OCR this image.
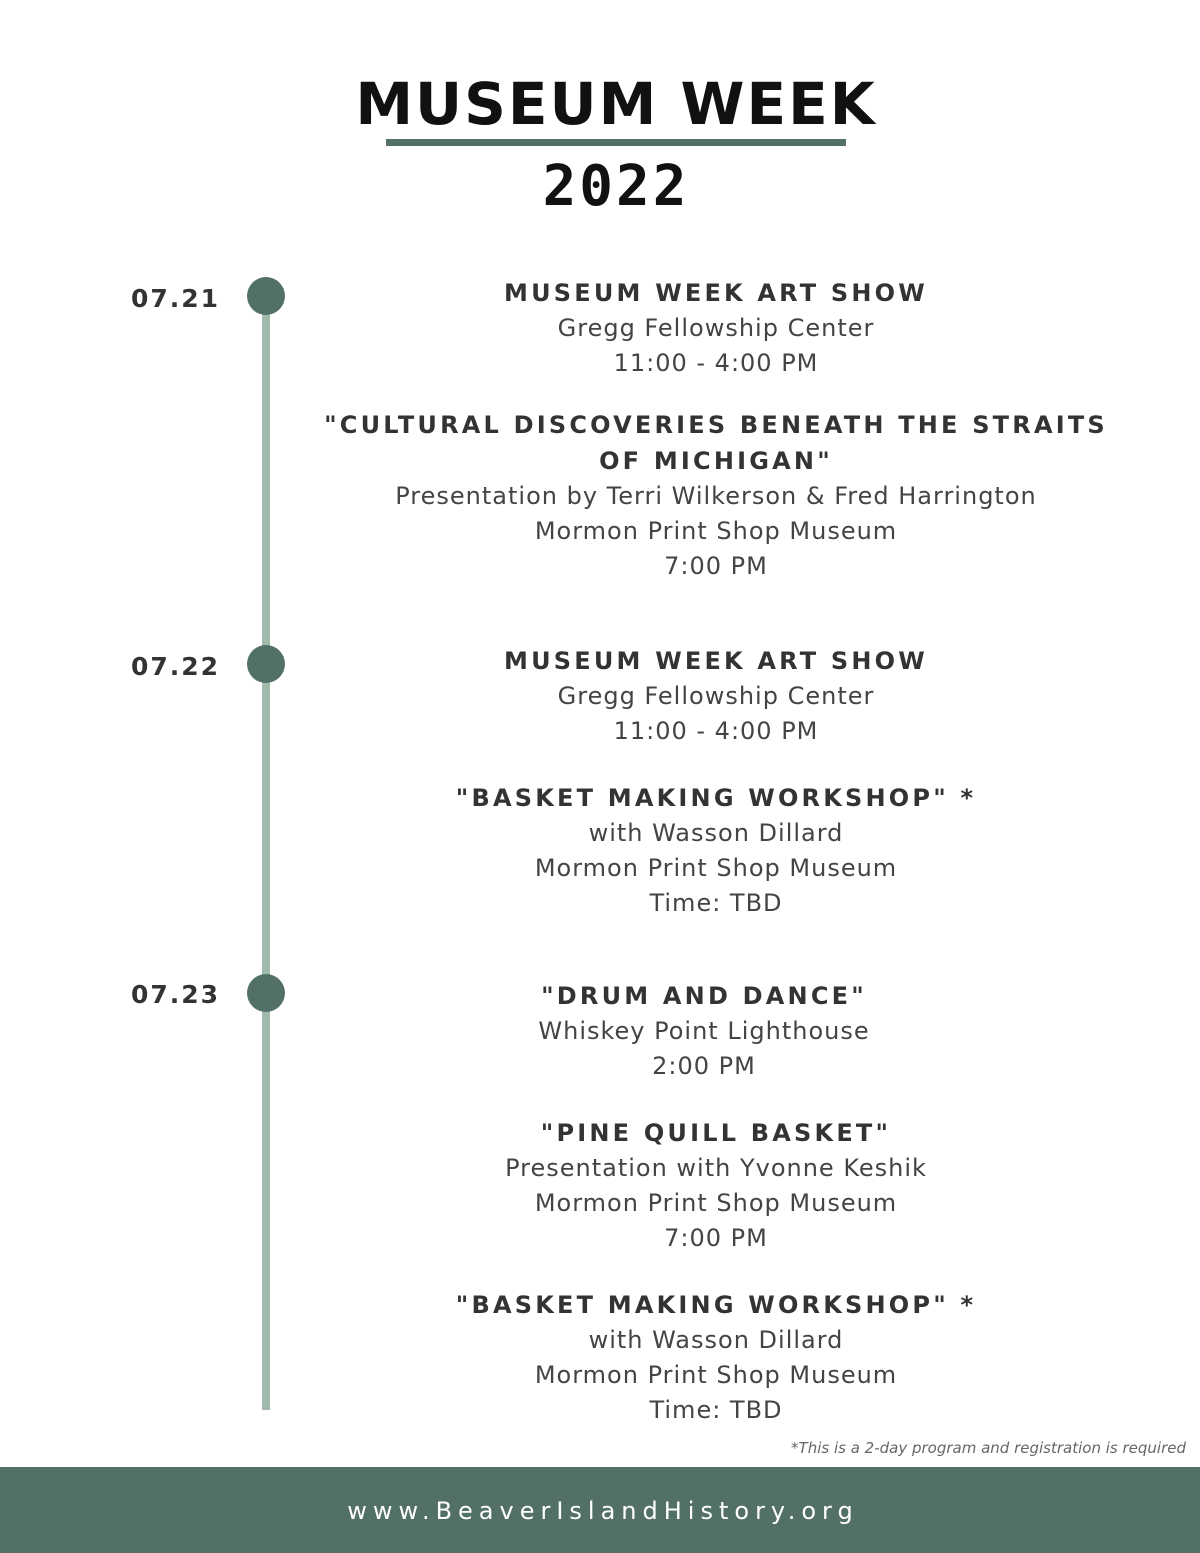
MUSEUM WEEK
2022
07.21	MUSEUM WEEK ART SHOW
Gregg Fellowship Center
11:00 - 4:00 PM
"CULTURAL DISCOVERIES BENEATH THE STRAITS OF MICHIGAN"
Presentation by Terri Wilkerson & Fred Harrington
Mormon Print Shop Museum
7:00 PM
07.22	MUSEUM WEEK ART SHOW
Gregg Fellowship Center
11:00 - 4:00 PM
"BASKET MAKING WORKSHOP" *
with Wasson Dillard
Mormon Print Shop Museum
Time: TBD
07.23	"DRUM AND DANCE"
Whiskey Point Lighthouse
2:00 PM
"PINE QUILL BASKET"
Presentation with Yvonne Keshik
Mormon Print Shop Museum
7:00 PM
"BASKET MAKING WORKSHOP" *
with Wasson Dillard
Mormon Print Shop Museum
Time: TBD
*This is a 2-day program and registration is required
www.BeaverIslandHistory.org
